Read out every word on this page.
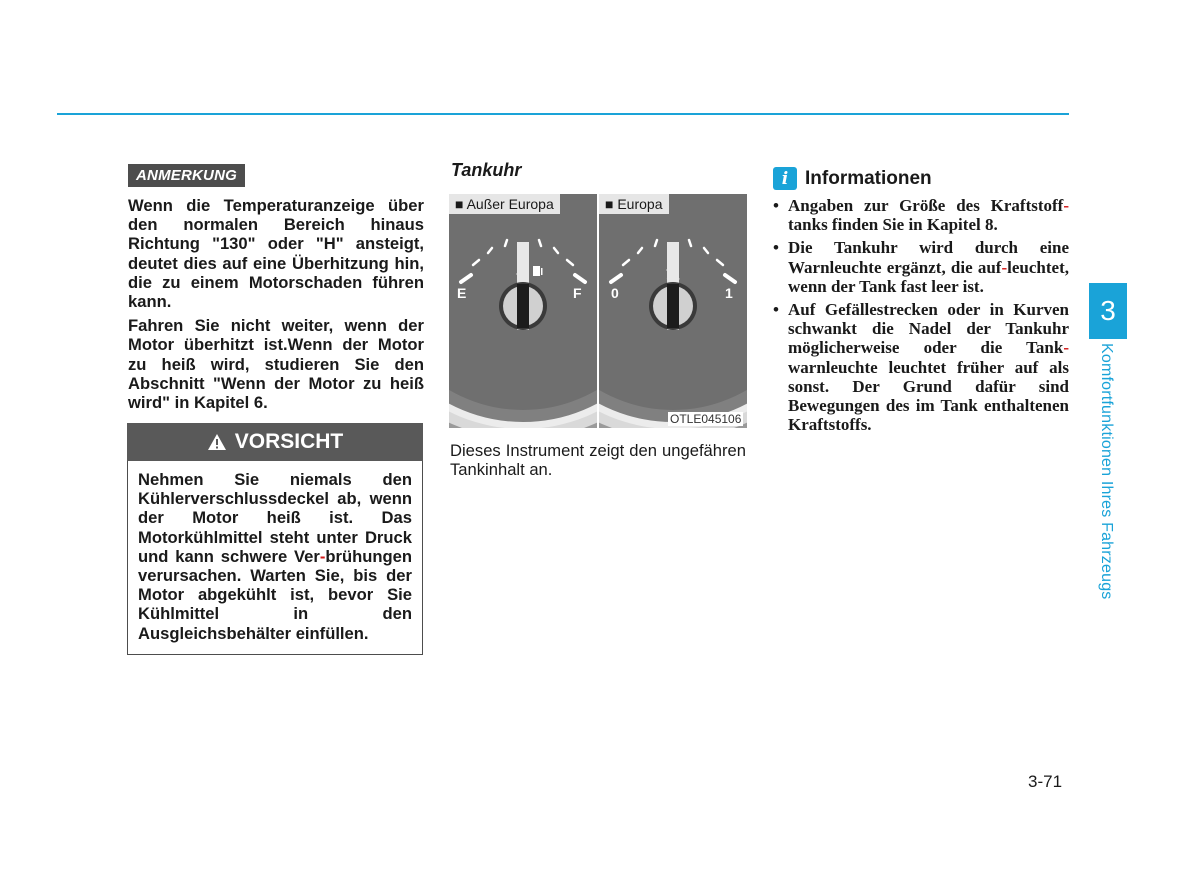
ANMERKUNG

Wenn die Temperaturanzeige über den normalen Bereich hinaus Richtung "130" oder "H" ansteigt, deutet dies auf eine Überhitzung hin, die zu einem Motorschaden führen kann.

Fahren Sie nicht weiter, wenn der Motor überhitzt ist.Wenn der Motor zu heiß wird, studieren Sie den Abschnitt "Wenn der Motor zu heiß wird" in Kapitel 6.

VORSICHT
Nehmen Sie niemals den Kühlerverschlussdeckel ab, wenn der Motor heiß ist. Das Motorkühlmittel steht unter Druck und kann schwere Ver-brühungen verursachen. Warten Sie, bis der Motor abgekühlt ist, bevor Sie Kühlmittel in den Ausgleichsbehälter einfüllen.
Tankuhr
E	F
■ Außer Europa
0	1
■ Europa
OTLE045106
Dieses Instrument zeigt den ungefähren Tankinhalt an.
i Informationen
• Angaben zur Größe des Kraftstoff-tanks finden Sie in Kapitel 8.
• Die Tankuhr wird durch eine Warnleuchte ergänzt, die auf-leuchtet, wenn der Tank fast leer ist.
• Auf Gefällestrecken oder in Kurven schwankt die Nadel der Tankuhr möglicherweise oder die Tank-warnleuchte leuchtet früher auf als sonst. Der Grund dafür sind Bewegungen des im Tank enthaltenen Kraftstoffs.
3
Komfortfunktionen Ihres Fahrzeugs
3-71
